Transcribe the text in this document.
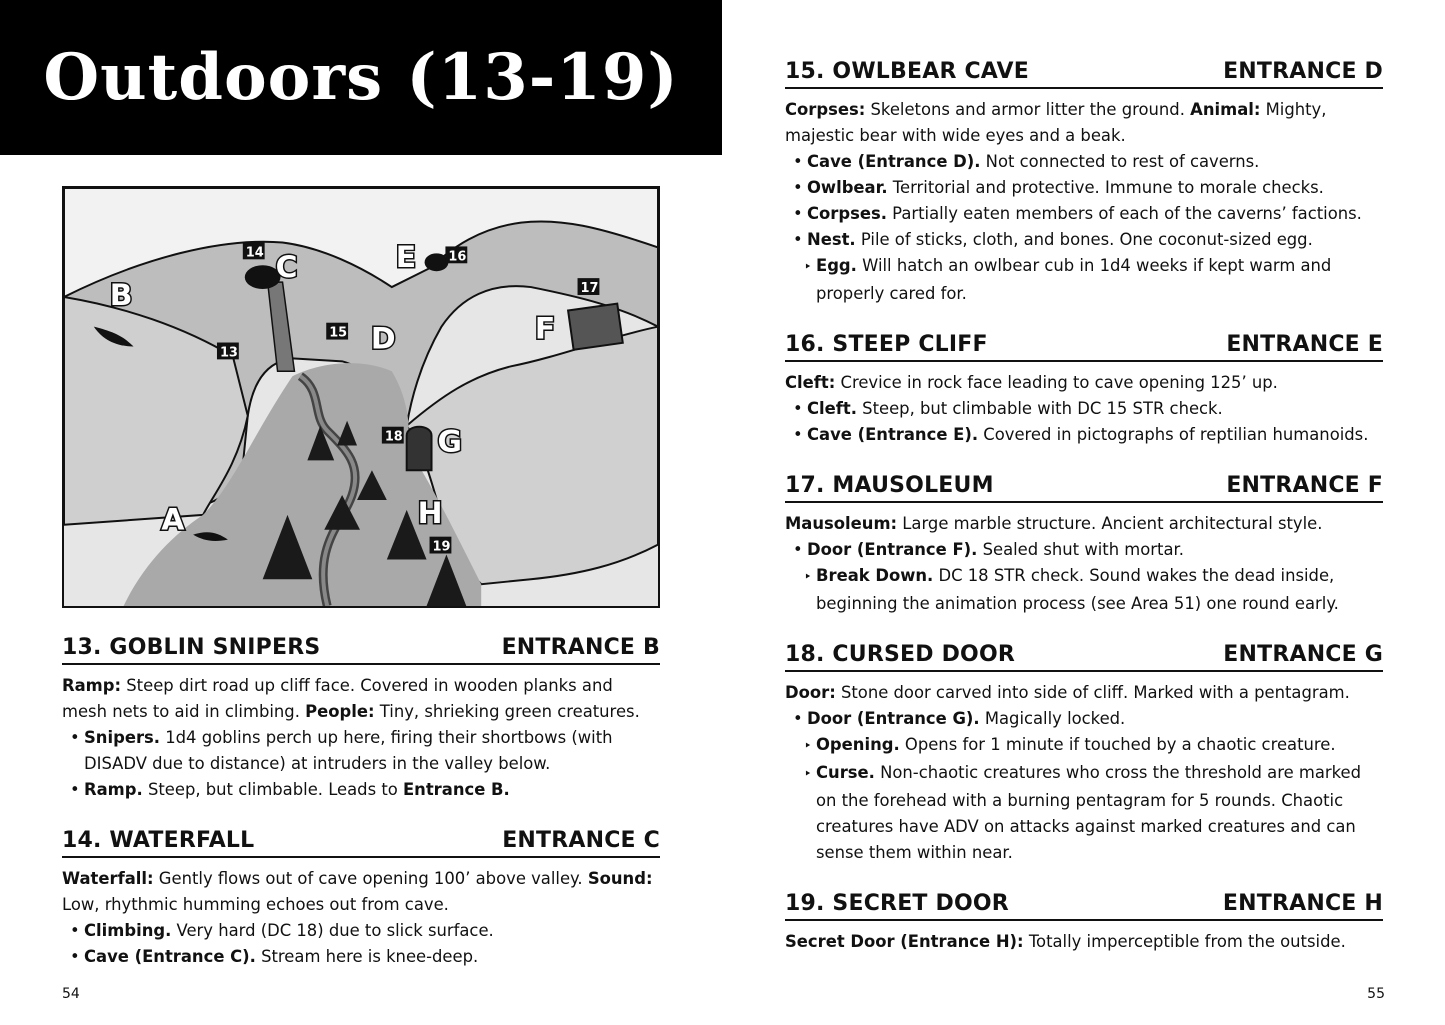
Outdoors (13-19)
A
B
C
D
E
F
G
H
13
14
15
16
17
18
19
13. GOBLIN SNIPERS	ENTRANCE B

Ramp: Steep dirt road up cliff face. Covered in wooden planks and mesh nets to aid in climbing. People: Tiny, shrieking green creatures.

• Snipers. 1d4 goblins perch up here, firing their shortbows (with DISADV due to distance) at intruders in the valley below.
• Ramp. Steep, but climbable. Leads to Entrance B.
14. WATERFALL	ENTRANCE C

Waterfall: Gently flows out of cave opening 100’ above valley. Sound: Low, rhythmic humming echoes out from cave.

• Climbing. Very hard (DC 18) due to slick surface.
• Cave (Entrance C). Stream here is knee-deep.
15. OWLBEAR CAVE	ENTRANCE D

Corpses: Skeletons and armor litter the ground. Animal: Mighty, majestic bear with wide eyes and a beak.

• Cave (Entrance D). Not connected to rest of caverns.
• Owlbear. Territorial and protective. Immune to morale checks.
• Corpses. Partially eaten members of each of the caverns’ factions.
• Nest. Pile of sticks, cloth, and bones. One coconut-sized egg.
‣ Egg. Will hatch an owlbear cub in 1d4 weeks if kept warm and properly cared for.
16. STEEP CLIFF	ENTRANCE E

Cleft: Crevice in rock face leading to cave opening 125’ up.

• Cleft. Steep, but climbable with DC 15 STR check.
• Cave (Entrance E). Covered in pictographs of reptilian humanoids.
17. MAUSOLEUM	ENTRANCE F

Mausoleum: Large marble structure. Ancient architectural style.

• Door (Entrance F). Sealed shut with mortar.
‣ Break Down. DC 18 STR check. Sound wakes the dead inside, beginning the animation process (see Area 51) one round early.
18. CURSED DOOR	ENTRANCE G

Door: Stone door carved into side of cliff. Marked with a pentagram.

• Door (Entrance G). Magically locked.
‣ Opening. Opens for 1 minute if touched by a chaotic creature.
‣ Curse. Non-chaotic creatures who cross the threshold are marked on the forehead with a burning pentagram for 5 rounds. Chaotic creatures have ADV on attacks against marked creatures and can sense them within near.
19. SECRET DOOR	ENTRANCE H

Secret Door (Entrance H): Totally imperceptible from the outside.

54	55
